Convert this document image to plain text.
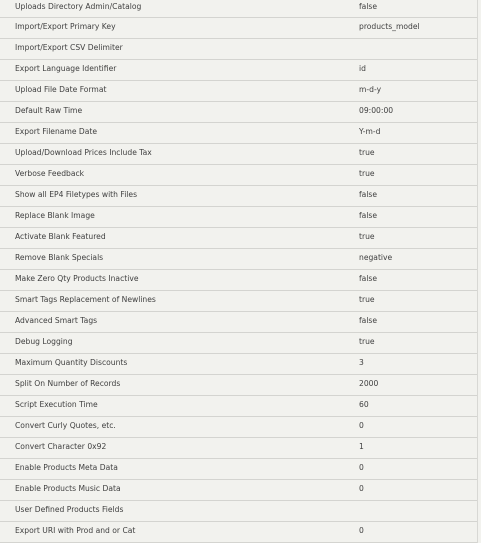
Uploads Directory Admin/Catalog	false
Import/Export Primary Key	products_model
Import/Export CSV Delimiter
Export Language Identifier	id
Upload File Date Format	m-d-y
Default Raw Time	09:00:00
Export Filename Date	Y-m-d
Upload/Download Prices Include Tax	true
Verbose Feedback	true
Show all EP4 Filetypes with Files	false
Replace Blank Image	false
Activate Blank Featured	true
Remove Blank Specials	negative
Make Zero Qty Products Inactive	false
Smart Tags Replacement of Newlines	true
Advanced Smart Tags	false
Debug Logging	true
Maximum Quantity Discounts	3
Split On Number of Records	2000
Script Execution Time	60
Convert Curly Quotes, etc.	0
Convert Character 0x92	1
Enable Products Meta Data	0
Enable Products Music Data	0
User Defined Products Fields
Export URI with Prod and or Cat	0
